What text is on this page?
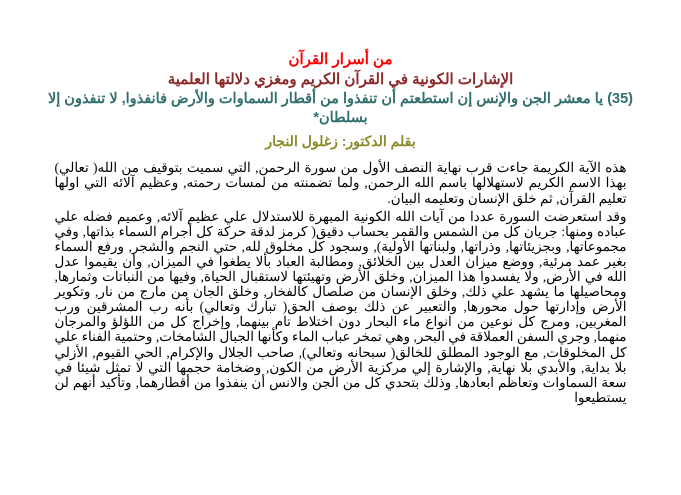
من أسرار القرآن
الإشارات الكونية في القرآن الكريم ومغزي دلالتها العلمية
(35) يا معشر الجن والإنس إن استطعتم أن تنفذوا من أقطار السماوات والأرض فانفذوا, لا تنفذون إلا بسلطان*
بقلم الدكتور: زغلول النجار

هذه الآية الكريمة جاءت قرب نهاية النصف الأول من سورة الرحمن, التي سميت بتوقيف من الله( تعالي) بهذا الاسم الكريم لاستهلالها باسم الله الرحمن, ولما تضمنته من لمسات رحمته, وعظيم آلائه التي اولها تعليم القرآن, ثم خلق الإنسان وتعليمه البيان.

وقد استعرضت السورة عددا من آيات الله الكونية المبهرة للاستدلال علي عظيم آلائه, وعميم فضله علي عباده ومنها: جريان كل من الشمس والقمر بحساب دقيق( كرمز لدقة حركة كل أجرام السماء بذاتها, وفي مجموعاتها, وبجزيئاتها, وذراتها, ولبناتها الأولية), وسجود كل مخلوق لله, حتي النجم والشجر, ورفع السماء بغير عمد مرئية, ووضع ميزان العدل بين الخلائق, ومطالبة العباد بألا يطغوا في الميزان, وأن يقيموا عدل الله في الأرض, ولا يفسدوا هذا الميزان, وخلق الأرض وتهيئتها لاستقبال الحياة, وفيها من النباتات وثمارها, ومحاصيلها ما يشهد علي ذلك, وخلق الإنسان من صلصال كالفخار, وخلق الجان من مارج من نار, وتكوير الأرض وإدارتها حول محورها, والتعبير عن ذلك بوصف الحق( تبارك وتعالي) بأنه رب المشرقين ورب المغربين, ومرج كل نوعين من انواع ماء البحار دون اختلاط تام بينهما, وإخراج كل من اللؤلؤ والمرجان منهما, وجري السفن العملاقة في البحر, وهي تمخر عباب الماء وكأنها الجبال الشامخات, وحتمية الفناء علي كل المخلوقات, مع الوجود المطلق للخالق( سبحانه وتعالي), صاحب الجلال والإكرام, الحي القيوم, الأزلي بلا بداية, والأبدي بلا نهاية, والإشارة إلي مركزية الأرض من الكون, وضخامة حجمها التي لا تمثل شيئا في سعة السماوات وتعاظم ابعادها, وذلك بتحدي كل من الجن والانس أن ينفذوا من أقطارهما, وتأكيد أنهم لن يستطيعوا
